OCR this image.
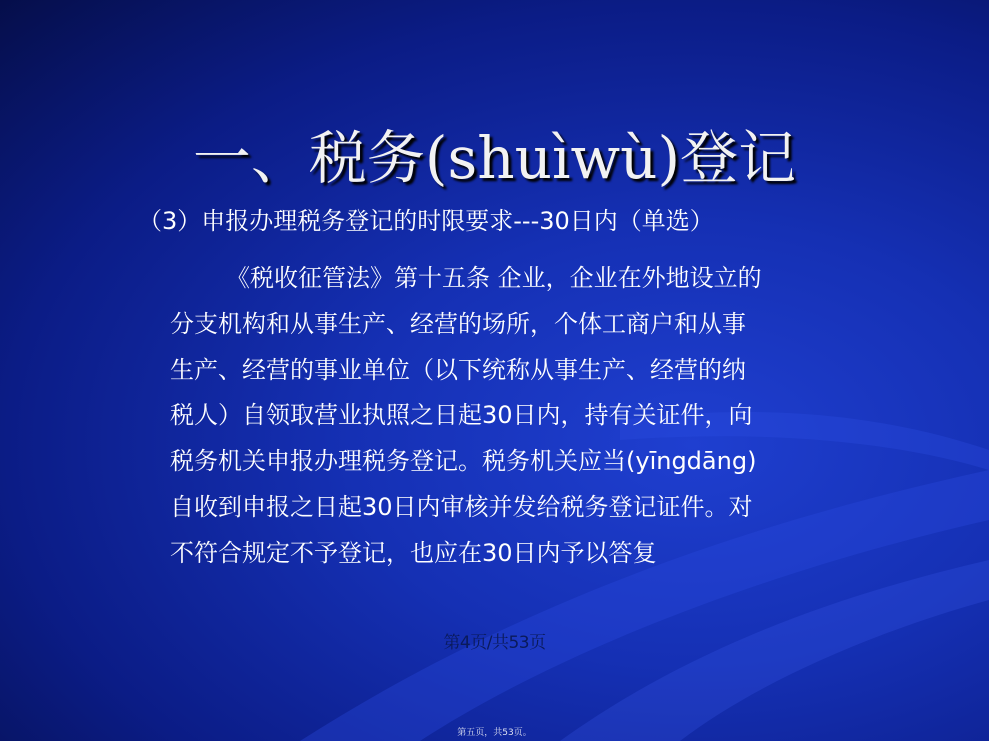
一、税务(shuìwù)登记
（3）申报办理税务登记的时限要求---30日内（单选）
《税收征管法》第十五条 企业，企业在外地设立的
分支机构和从事生产、经营的场所，个体工商户和从事
生产、经营的事业单位（以下统称从事生产、经营的纳
税人）自领取营业执照之日起30日内，持有关证件，向
税务机关申报办理税务登记。税务机关应当(yīngdāng)
自收到申报之日起30日内审核并发给税务登记证件。对
不符合规定不予登记，也应在30日内予以答复
第4页/共53页
第五页，共53页。
